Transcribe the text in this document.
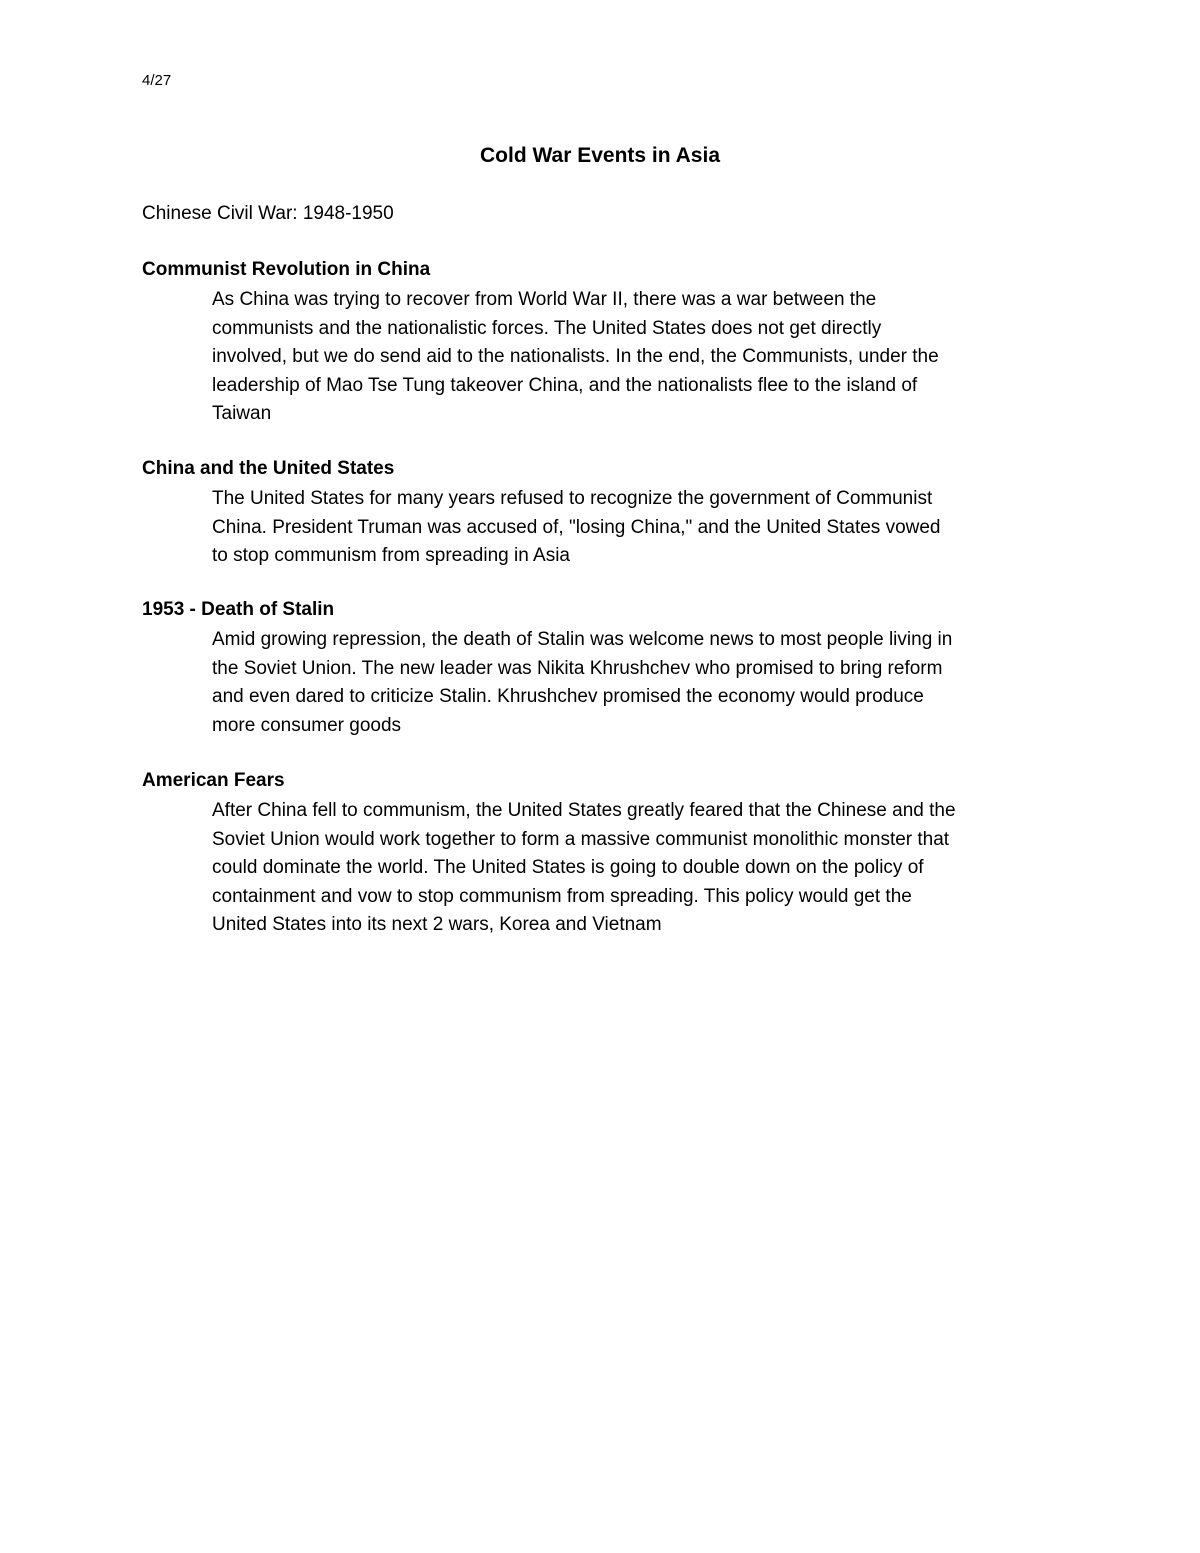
4/27
Cold War Events in Asia
Chinese Civil War: 1948-1950
Communist Revolution in China
As China was trying to recover from World War II, there was a war between the
communists and the nationalistic forces. The United States does not get directly
involved, but we do send aid to the nationalists. In the end, the Communists, under the
leadership of Mao Tse Tung takeover China, and the nationalists flee to the island of
Taiwan
China and the United States
The United States for many years refused to recognize the government of Communist
China. President Truman was accused of, "losing China," and the United States vowed
to stop communism from spreading in Asia
1953 - Death of Stalin
Amid growing repression, the death of Stalin was welcome news to most people living in
the Soviet Union. The new leader was Nikita Khrushchev who promised to bring reform
and even dared to criticize Stalin. Khrushchev promised the economy would produce
more consumer goods
American Fears
After China fell to communism, the United States greatly feared that the Chinese and the
Soviet Union would work together to form a massive communist monolithic monster that
could dominate the world. The United States is going to double down on the policy of
containment and vow to stop communism from spreading. This policy would get the
United States into its next 2 wars, Korea and Vietnam
